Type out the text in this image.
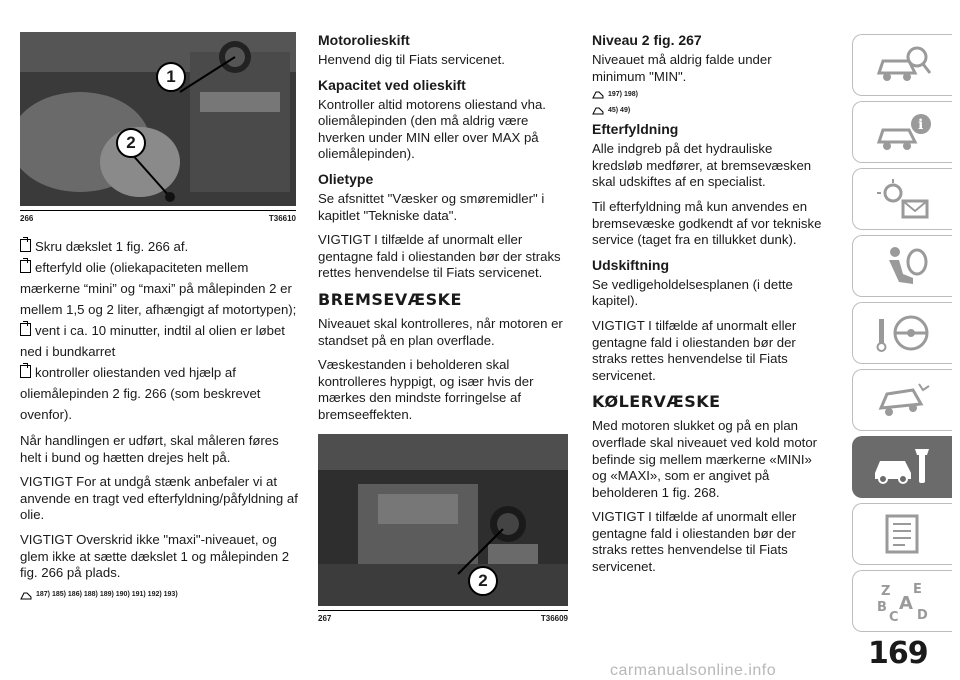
1
2
266	T36610

Skru dækslet 1 fig. 266 af.

efterfyld olie (oliekapaciteten mellem mærkerne “mini” og “maxi” på målepinden 2 er mellem 1,5 og 2 liter, afhængigt af motortypen);

vent i ca. 10 minutter, indtil al olien er løbet ned i bundkarret

kontroller oliestanden ved hjælp af oliemålepinden 2 fig. 266 (som beskrevet ovenfor).

Når handlingen er udført, skal måleren føres helt i bund og hætten drejes helt på.

VIGTIGT For at undgå stænk anbefaler vi at anvende en tragt ved efterfyldning/påfyldning af olie.

VIGTIGT Overskrid ikke "maxi"-niveauet, og glem ikke at sætte dækslet 1 og målepinden 2 fig. 266 på plads.

187) 185) 186) 188) 189) 190) 191) 192) 193)

Motorolieskift

Henvend dig til Fiats servicenet.

Kapacitet ved olieskift

Kontroller altid motorens oliestand vha. oliemålepinden (den må aldrig være hverken under MIN eller over MAX på oliemålepinden).

Olietype

Se afsnittet "Væsker og smøremidler" i kapitlet "Tekniske data".

VIGTIGT I tilfælde af unormalt eller gentagne fald i oliestanden bør der straks rettes henvendelse til Fiats servicenet.

BREMSEVÆSKE

Niveauet skal kontrolleres, når motoren er standset på en plan overflade.

Væskestanden i beholderen skal kontrolleres hyppigt, og især hvis der mærkes den mindste forringelse af bremseeffekten.

2
267	T36609

Niveau 2 fig. 267

Niveauet må aldrig falde under minimum "MIN".

197) 198)
45) 49)

Efterfyldning

Alle indgreb på det hydrauliske kredsløb medfører, at bremsevæsken skal udskiftes af en specialist.

Til efterfyldning må kun anvendes en bremsevæske godkendt af vor tekniske service (taget fra en tillukket dunk).

Udskiftning

Se vedligeholdelsesplanen (i dette kapitel).

VIGTIGT I tilfælde af unormalt eller gentagne fald i oliestanden bør der straks rettes henvendelse til Fiats servicenet.

KØLERVÆSKE

Med motoren slukket og på en plan overflade skal niveauet ved kold motor befinde sig mellem mærkerne «MINI» og «MAXI», som er angivet på beholderen 1 fig. 268.

VIGTIGT I tilfælde af unormalt eller gentagne fald i oliestanden bør der straks rettes henvendelse til Fiats servicenet.

i
Z E
B A
C D
169
carmanualsonline.info
